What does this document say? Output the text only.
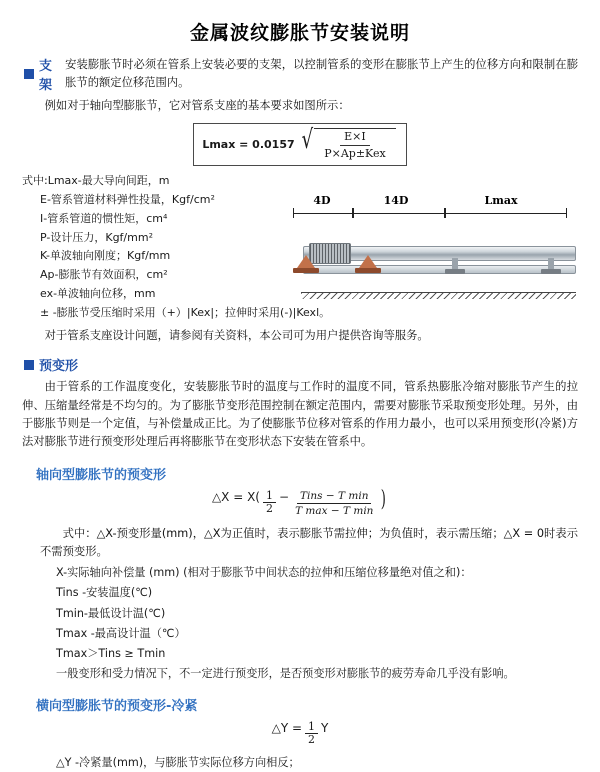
金属波纹膨胀节安装说明
支架
安装膨胀节时必须在管系上安装必要的支架，以控制管系的变形在膨胀节上产生的位移方向和限制在膨胀节的额定位移范围内。
例如对于轴向型膨胀节，它对管系支座的基本要求如图所示：
Lmax = 0.0157 √ $\frac{E\times I}{\text{P×Ap±Kex}}$
4D	14D	Lmax
式中:Lmax-最大导向间距，m
E-管系管道材料弹性投量，Kgf/cm²
I-管系管道的惯性矩，cm⁴
P-设计压力，Kgf/mm²
K-单波轴向刚度；Kgf/mm
Ap-膨胀节有效面积，cm²
ex-单波轴向位移，mm
± -膨胀节受压缩时采用（+）|Kex|；拉伸时采用(-)|Kexl。
对于管系支座设计问题，请参阅有关资料，本公司可为用户提供咨询等服务。
预变形
由于管系的工作温度变化，安装膨胀节时的温度与工作时的温度不同，管系热膨胀冷缩对膨胀节产生的拉伸、压缩量经常是不均匀的。为了膨胀节变形范围控制在额定范围内，需要对膨胀节采取预变形处理。另外，由于膨胀节则是一个定值，与补偿量成正比。为了使膨胀节位移对管系的作用力最小，也可以采用预变形(冷紧)方法对膨胀节进行预变形处理后再将膨胀节在变形状态下安装在管系中。
轴向型膨胀节的预变形
△X = $X( \frac{1}{2}$ − Tins − T min
T max − T min )
式中：△X-预变形量(mm)，△X为正值时，表示膨胀节需拉伸；为负值时，表示需压缩；△X = 0时表示不需预变形。
X-实际轴向补偿量 (mm) (相对于膨胀节中间状态的拉伸和压缩位移量绝对值之和)：
Tins -安装温度(℃)
Tmin-最低设计温(℃)
Tmax -最高设计温（℃）
Tmax＞Tins ≥ Tmin
一般变形和受力情况下，不一定进行预变形，是否预变形对膨胀节的疲劳寿命几乎没有影响。
横向型膨胀节的预变形-冷紧
△Y = $\frac{1}{2}$ Y
△Y -冷紧量(mm)，与膨胀节实际位移方向相反；
